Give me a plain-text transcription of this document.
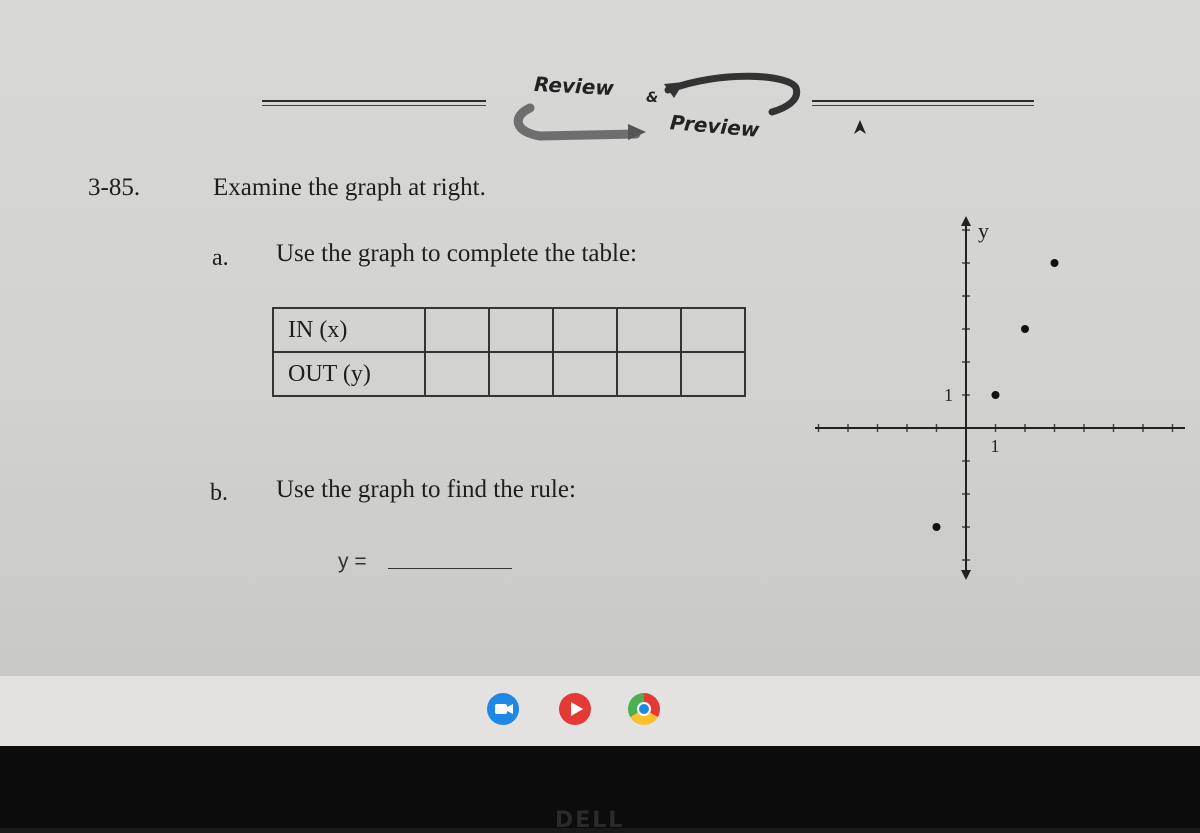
Review &
Preview
3-85.	Examine the graph at right.
a. Use the graph to complete the table:
IN (x)					
OUT (y)					
b. Use the graph to find the rule:
y =
y
1
1
DELL
